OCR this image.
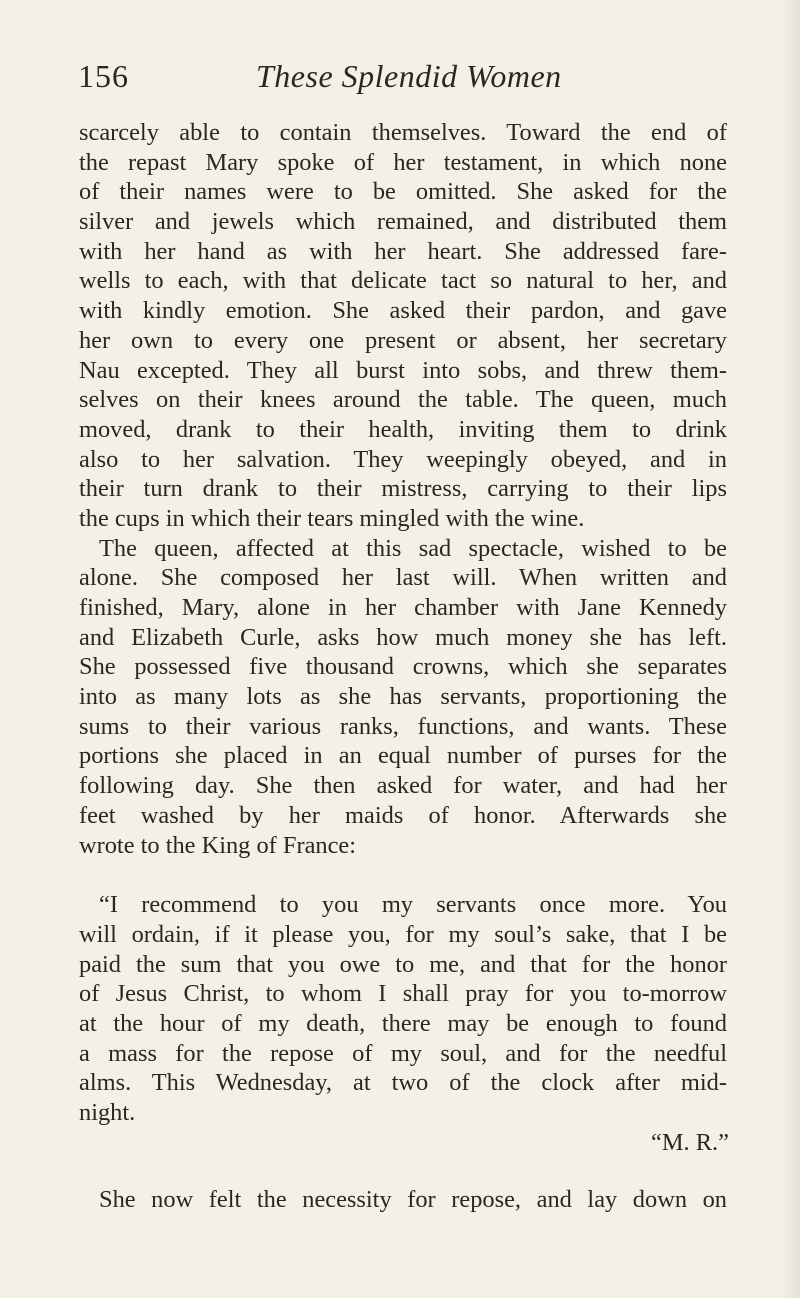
156	These Splendid Women
scarcely able to contain themselves. Toward the end of
the repast Mary spoke of her testament, in which none
of their names were to be omitted. She asked for the
silver and jewels which remained, and distributed them
with her hand as with her heart. She addressed fare-
wells to each, with that delicate tact so natural to her, and
with kindly emotion. She asked their pardon, and gave
her own to every one present or absent, her secretary
Nau excepted. They all burst into sobs, and threw them-
selves on their knees around the table. The queen, much
moved, drank to their health, inviting them to drink
also to her salvation. They weepingly obeyed, and in
their turn drank to their mistress, carrying to their lips
the cups in which their tears mingled with the wine.
The queen, affected at this sad spectacle, wished to be
alone. She composed her last will. When written and
finished, Mary, alone in her chamber with Jane Kennedy
and Elizabeth Curle, asks how much money she has left.
She possessed five thousand crowns, which she separates
into as many lots as she has servants, proportioning the
sums to their various ranks, functions, and wants. These
portions she placed in an equal number of purses for the
following day. She then asked for water, and had her
feet washed by her maids of honor. Afterwards she
wrote to the King of France:
“I recommend to you my servants once more. You
will ordain, if it please you, for my soul’s sake, that I be
paid the sum that you owe to me, and that for the honor
of Jesus Christ, to whom I shall pray for you to-morrow
at the hour of my death, there may be enough to found
a mass for the repose of my soul, and for the needful
alms. This Wednesday, at two of the clock after mid-
night.
“M. R.”
She now felt the necessity for repose, and lay down on
